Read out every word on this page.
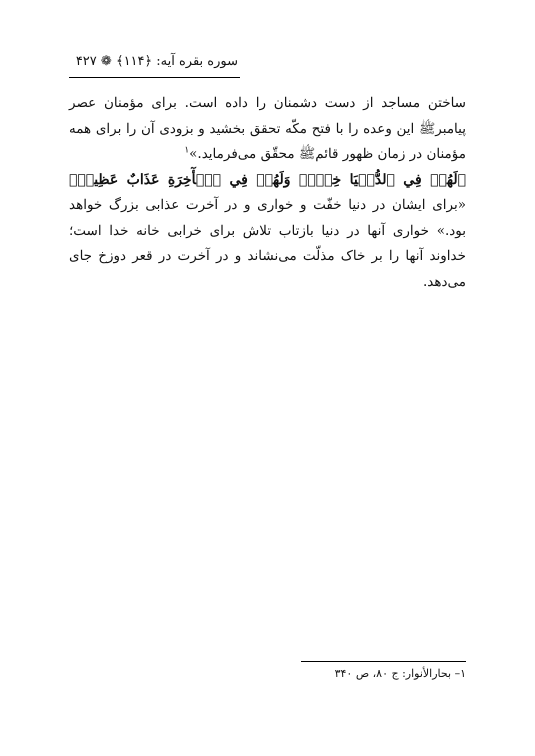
سوره بقره آیه: ﴿۱۱۴﴾ ❁ ۴۲۷

ساختن مساجد از دست دشمنان را داده است. برای مؤمنان عصر پیامبرﷺ این وعده را با فتح مکّه تحقق بخشید و بزودی آن را برای همه مؤمنان در زمان ظهور قائم‌ﷺ محقّق می‌فرماید.»$^۱$

﴿لَهُمۡ فِي ٱلدُّنۡيَا خِزۡيٞ وَلَهُمۡ فِي ٱلۡأٓخِرَةِ عَذَابٌ عَظِيمٞ﴾ «برای ایشان در دنیا خفّت و خواری و در آخرت عذابی بزرگ خواهد بود.» خواری آنها در دنیا بازتاب تلاش برای خرابی خانه خدا است؛ خداوند آنها را بر خاک مذلّت می‌نشاند و در آخرت در قعر دوزخ جای می‌دهد.

۱– بحارالأنوار: ج ۸۰، ص ۳۴۰
